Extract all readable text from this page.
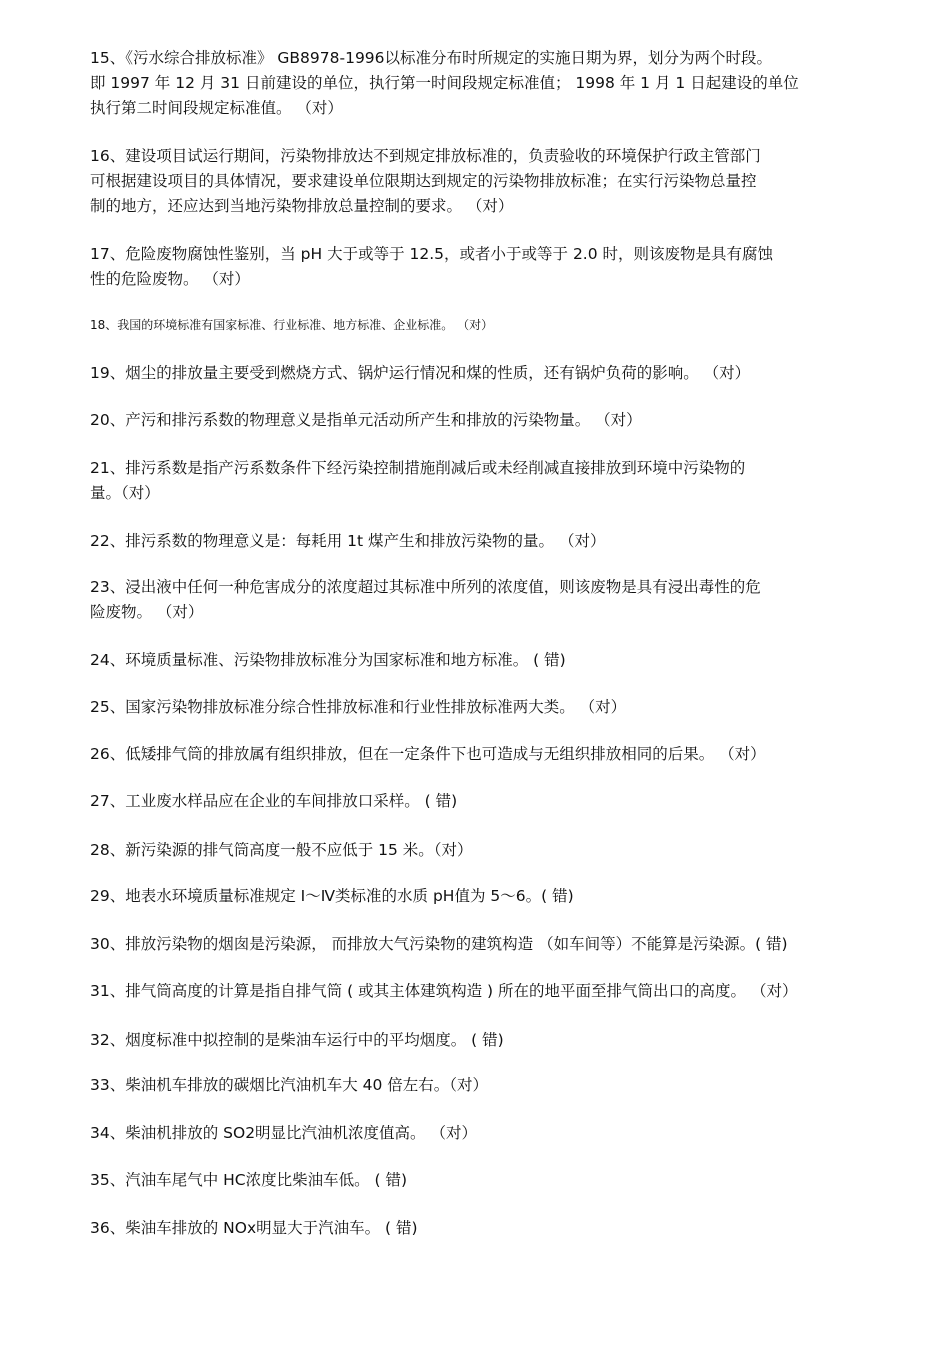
15、《污水综合排放标准》 GB8978-1996以标准分布时所规定的实施日期为界，划分为两个时段。
即 1997 年 12 月 31 日前建设的单位，执行第一时间段规定标准值； 1998 年 1 月 1 日起建设的单位
执行第二时间段规定标准值。 （对）
16、建设项目试运行期间，污染物排放达不到规定排放标准的，负责验收的环境保护行政主管部门
可根据建设项目的具体情况，要求建设单位限期达到规定的污染物排放标准；在实行污染物总量控
制的地方，还应达到当地污染物排放总量控制的要求。 （对）
17、危险废物腐蚀性鉴别，当 pH 大于或等于 12.5，或者小于或等于 2.0 时，则该废物是具有腐蚀
性的危险废物。 （对）
18、我国的环境标准有国家标准、行业标准、地方标准、企业标准。 （对）
19、烟尘的排放量主要受到燃烧方式、锅炉运行情况和煤的性质，还有锅炉负荷的影响。 （对）
20、产污和排污系数的物理意义是指单元活动所产生和排放的污染物量。 （对）
21、排污系数是指产污系数条件下经污染控制措施削减后或未经削减直接排放到环境中污染物的
量。（对）
22、排污系数的物理意义是：每耗用 1t 煤产生和排放污染物的量。 （对）
23、浸出液中任何一种危害成分的浓度超过其标准中所列的浓度值，则该废物是具有浸出毒性的危
险废物。 （对）
24、环境质量标准、污染物排放标准分为国家标准和地方标准。 ( 错)
25、国家污染物排放标准分综合性排放标准和行业性排放标准两大类。 （对）
26、低矮排气筒的排放属有组织排放，但在一定条件下也可造成与无组织排放相同的后果。 （对）
27、工业废水样品应在企业的车间排放口采样。 ( 错)
28、新污染源的排气筒高度一般不应低于 15 米。（对）
29、地表水环境质量标准规定 Ⅰ～Ⅳ类标准的水质 pH值为 5～6。( 错)
30、排放污染物的烟囱是污染源， 而排放大气污染物的建筑构造 （如车间等）不能算是污染源。( 错)
31、排气筒高度的计算是指自排气筒 ( 或其主体建筑构造 ) 所在的地平面至排气筒出口的高度。 （对）
32、烟度标准中拟控制的是柴油车运行中的平均烟度。 ( 错)
33、柴油机车排放的碳烟比汽油机车大 40 倍左右。（对）
34、柴油机排放的 SO2明显比汽油机浓度值高。 （对）
35、汽油车尾气中 HC浓度比柴油车低。 ( 错)
36、柴油车排放的 NOx明显大于汽油车。 ( 错)
